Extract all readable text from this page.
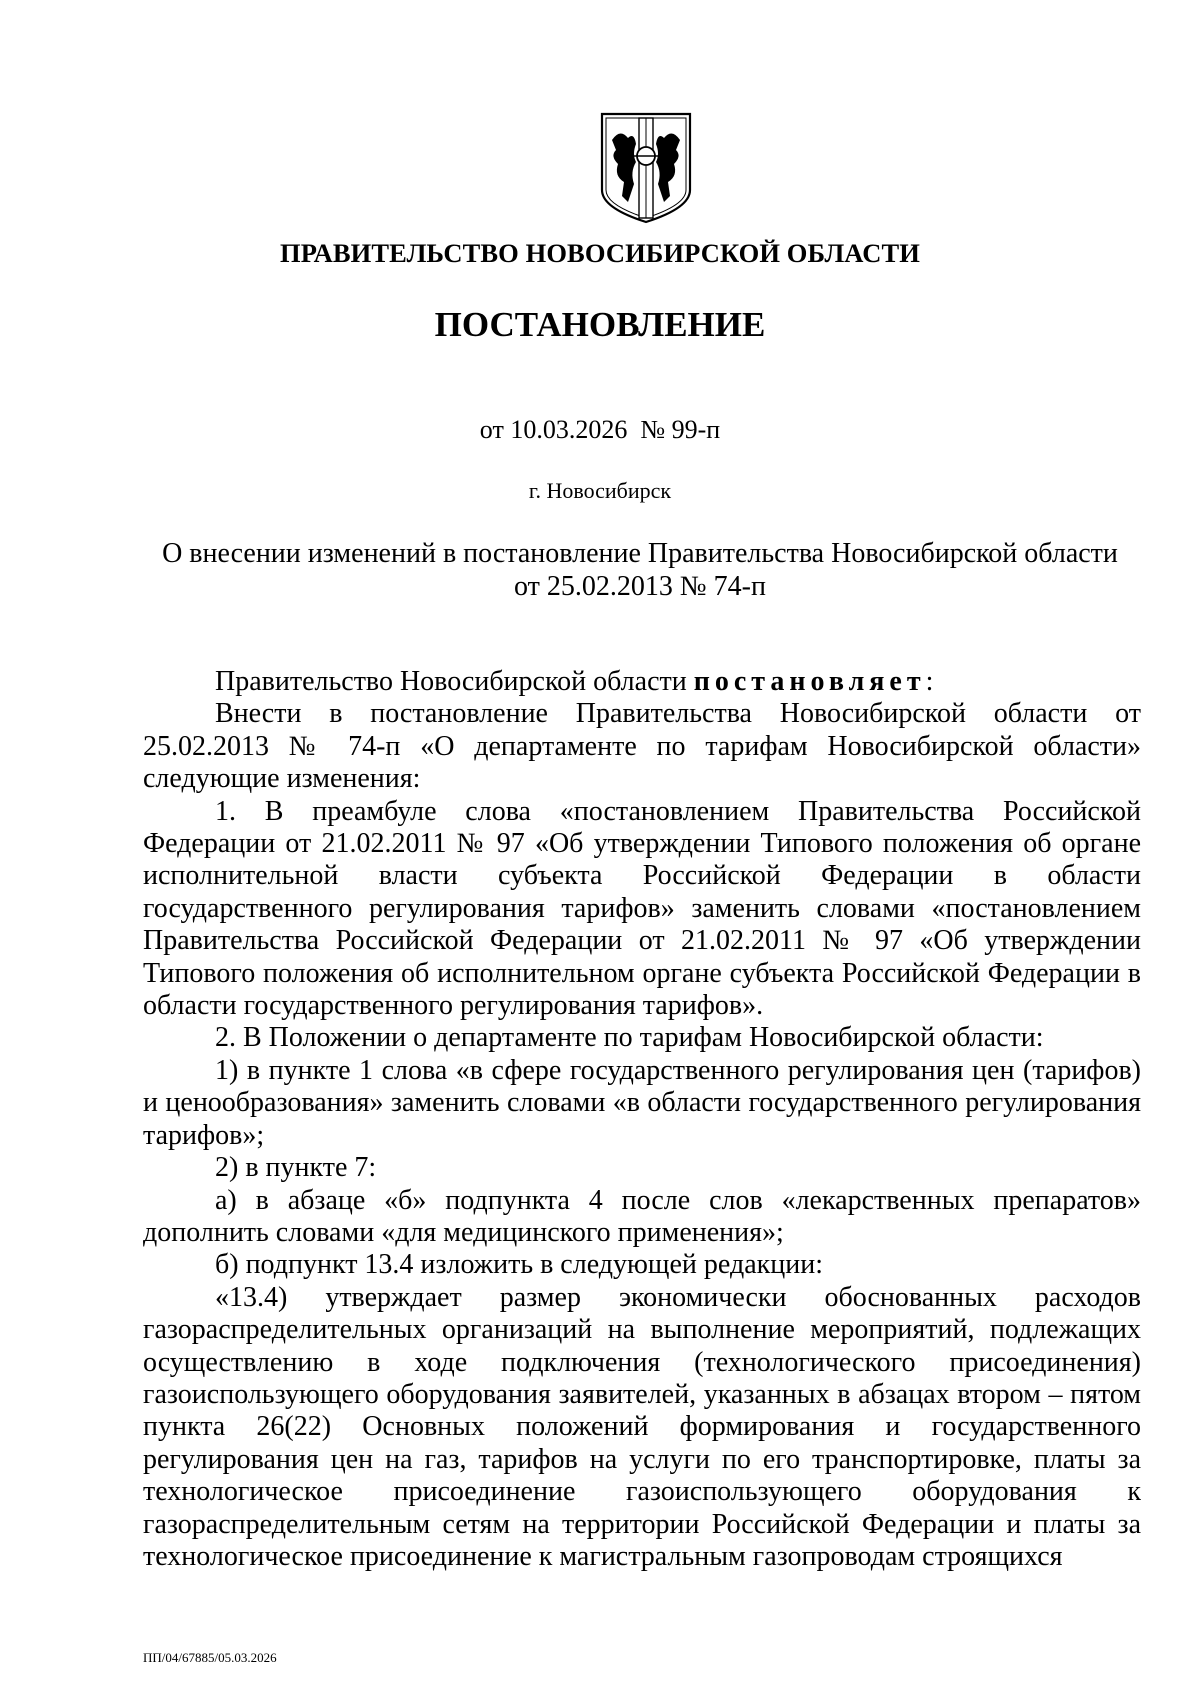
ПРАВИТЕЛЬСТВО НОВОСИБИРСКОЙ ОБЛАСТИ
ПОСТАНОВЛЕНИЕ
от 10.03.2026  № 99-п
г. Новосибирск
О внесении изменений в постановление Правительства Новосибирской области
от 25.02.2013 № 74-п

Правительство Новосибирской области постановляет:

Внести в постановление Правительства Новосибирской области от 25.02.2013 № 74-п «О департаменте по тарифам Новосибирской области» следующие изменения:

1. В преамбуле слова «постановлением Правительства Российской Федерации от 21.02.2011 № 97 «Об утверждении Типового положения об органе исполнительной власти субъекта Российской Федерации в области государственного регулирования тарифов» заменить словами «постановлением Правительства Российской Федерации от 21.02.2011 № 97 «Об утверждении Типового положения об исполнительном органе субъекта Российской Федерации в области государственного регулирования тарифов».

2. В Положении о департаменте по тарифам Новосибирской области:

1) в пункте 1 слова «в сфере государственного регулирования цен (тарифов) и ценообразования» заменить словами «в области государственного регулирования тарифов»;

2) в пункте 7:

а) в абзаце «б» подпункта 4 после слов «лекарственных препаратов» дополнить словами «для медицинского применения»;

б) подпункт 13.4 изложить в следующей редакции:

«13.4) утверждает размер экономически обоснованных расходов газораспределительных организаций на выполнение мероприятий, подлежащих осуществлению в ходе подключения (технологического присоединения) газоиспользующего оборудования заявителей, указанных в абзацах втором – пятом пункта 26(22) Основных положений формирования и государственного регулирования цен на газ, тарифов на услуги по его транспортировке, платы за технологическое присоединение газоиспользующего оборудования к газораспределительным сетям на территории Российской Федерации и платы за технологическое присоединение к магистральным газопроводам строящихся

ПП/04/67885/05.03.2026
